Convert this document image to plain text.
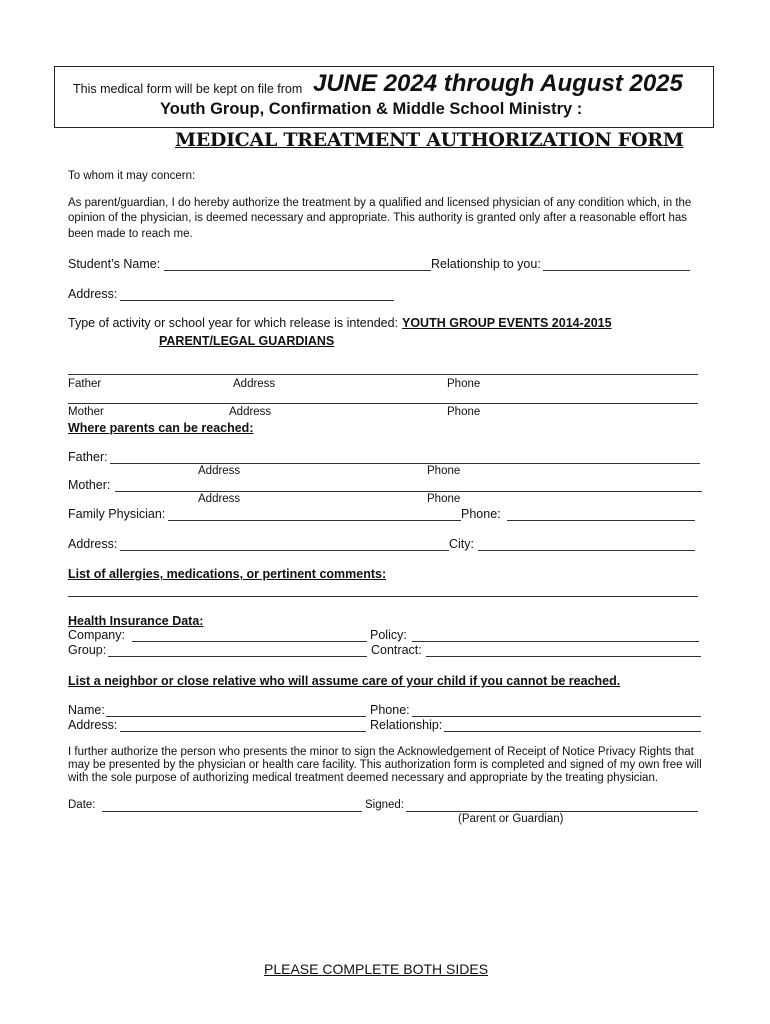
This medical form will be kept on file from JUNE 2024 through August 2025
Youth Group, Confirmation & Middle School Ministry :
MEDICAL TREATMENT AUTHORIZATION FORM
To whom it may concern:
As parent/guardian, I do hereby authorize the treatment by a qualified and licensed physician of any condition which, in the
opinion of the physician, is deemed necessary and appropriate. This authority is granted only after a reasonable effort has
been made to reach me.
Student’s Name:	Relationship to you:
Address:
Type of activity or school year for which release is intended: YOUTH GROUP EVENTS 2014-2015
PARENT/LEGAL GUARDIANS
Father	Address	Phone
Mother	Address	Phone
Where parents can be reached:
Father:
Address	Phone
Mother:
Address	Phone
Family Physician:	Phone:
Address:	City:
List of allergies, medications, or pertinent comments:
Health Insurance Data:
Company:	Policy:
Group:	Contract:
List a neighbor or close relative who will assume care of your child if you cannot be reached.
Name:	Phone:
Address:	Relationship:
I further authorize the person who presents the minor to sign the Acknowledgement of Receipt of Notice Privacy Rights that
may be presented by the physician or health care facility. This authorization form is completed and signed of my own free will
with the sole purpose of authorizing medical treatment deemed necessary and appropriate by the treating physician.
Date:	Signed:
(Parent or Guardian)
PLEASE COMPLETE BOTH SIDES
